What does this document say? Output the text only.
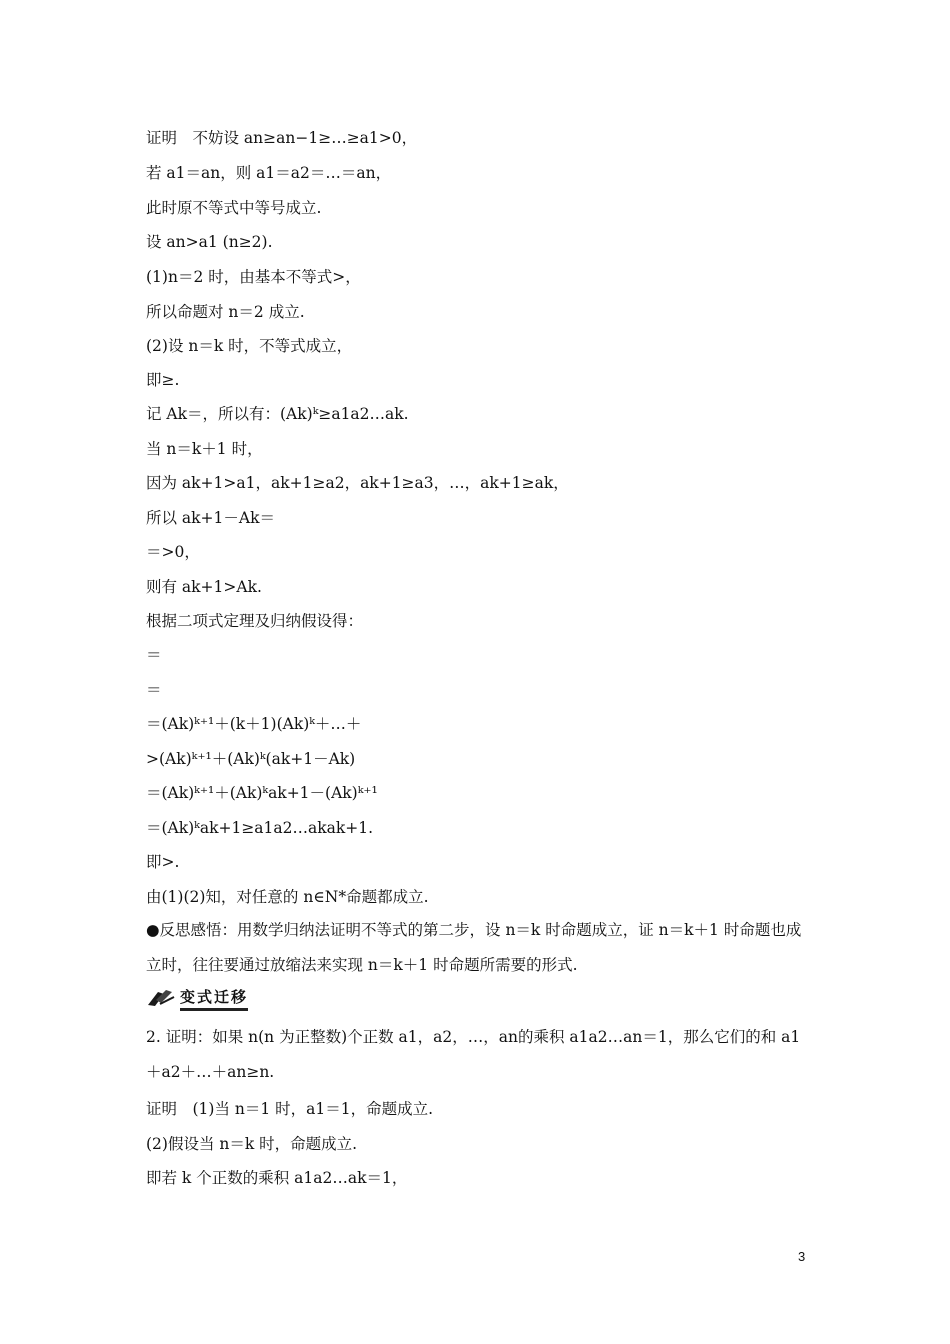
证明　不妨设 an≥an−1≥…≥a1>0，
若 a1＝an，则 a1＝a2＝…＝an，
此时原不等式中等号成立.
设 an>a1 (n≥2).
(1)n＝2 时，由基本不等式>，
所以命题对 n＝2 成立.
(2)设 n＝k 时，不等式成立，
即≥.
记 Ak＝，所以有：(Ak)ᵏ≥a1a2…ak.
当 n＝k＋1 时，
因为 ak+1>a1，ak+1≥a2，ak+1≥a3，…，ak+1≥ak，
所以 ak+1－Ak＝
＝>0，
则有 ak+1>Ak.
根据二项式定理及归纳假设得：
＝
＝
＝(Ak)ᵏ⁺¹＋(k＋1)(Ak)ᵏ＋…＋
>(Ak)ᵏ⁺¹＋(Ak)ᵏ(ak+1－Ak)
＝(Ak)ᵏ⁺¹＋(Ak)ᵏak+1－(Ak)ᵏ⁺¹
＝(Ak)ᵏak+1≥a1a2…akak+1.
即>.
由(1)(2)知，对任意的 n∈N*命题都成立.
●反思感悟：用数学归纳法证明不等式的第二步，设 n＝k 时命题成立，证 n＝k＋1 时命题也成立时，往往要通过放缩法来实现 n＝k＋1 时命题所需要的形式.
变式迁移
2. 证明：如果 n(n 为正整数)个正数 a1，a2，…，an的乘积 a1a2…an＝1，那么它们的和 a1＋a2＋…＋an≥n.
证明　(1)当 n＝1 时，a1＝1，命题成立.
(2)假设当 n＝k 时，命题成立.
即若 k 个正数的乘积 a1a2…ak＝1，
3
